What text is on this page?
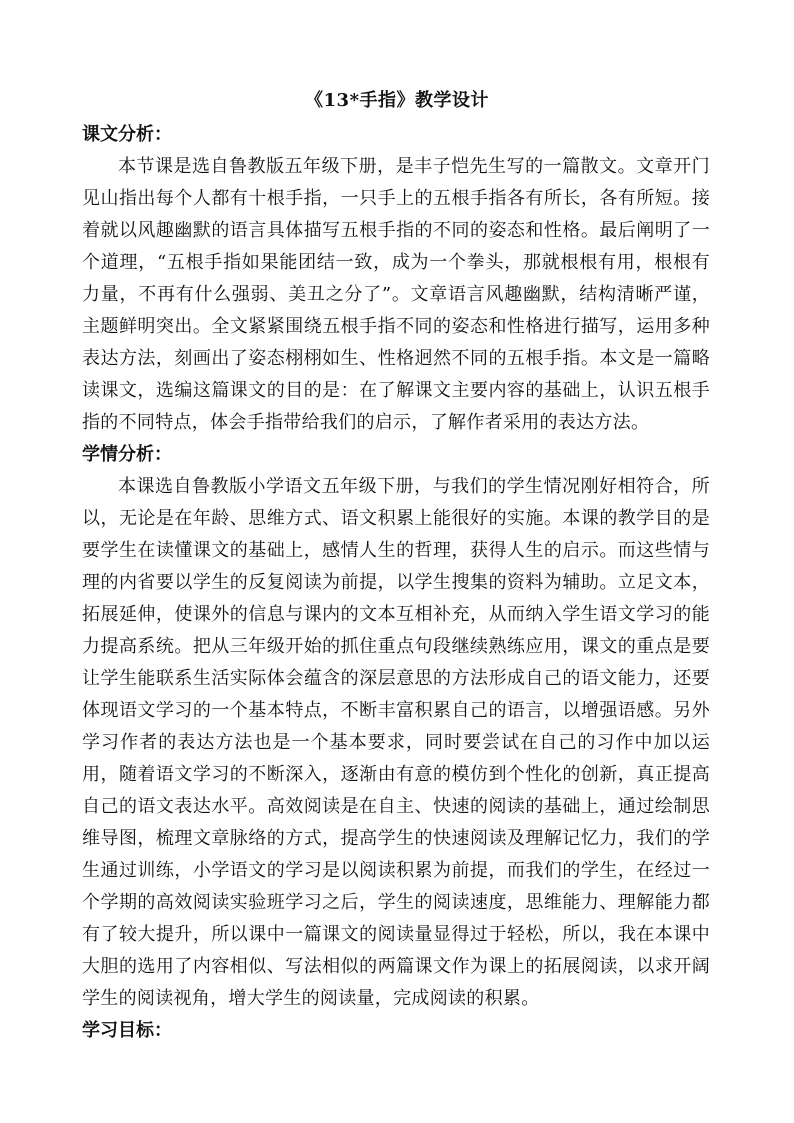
《13*手指》教学设计

课文分析：

本节课是选自鲁教版五年级下册，是丰子恺先生写的一篇散文。文章开门见山指出每个人都有十根手指，一只手上的五根手指各有所长，各有所短。接着就以风趣幽默的语言具体描写五根手指的不同的姿态和性格。最后阐明了一个道理，“五根手指如果能团结一致，成为一个拳头，那就根根有用，根根有力量，不再有什么强弱、美丑之分了”。文章语言风趣幽默，结构清晰严谨，主题鲜明突出。全文紧紧围绕五根手指不同的姿态和性格进行描写，运用多种表达方法，刻画出了姿态栩栩如生、性格迥然不同的五根手指。本文是一篇略读课文，选编这篇课文的目的是：在了解课文主要内容的基础上，认识五根手指的不同特点，体会手指带给我们的启示，了解作者采用的表达方法。

学情分析：

本课选自鲁教版小学语文五年级下册，与我们的学生情况刚好相符合，所以，无论是在年龄、思维方式、语文积累上能很好的实施。本课的教学目的是要学生在读懂课文的基础上，感情人生的哲理，获得人生的启示。而这些情与理的内省要以学生的反复阅读为前提，以学生搜集的资料为辅助。立足文本，拓展延伸，使课外的信息与课内的文本互相补充，从而纳入学生语文学习的能力提高系统。把从三年级开始的抓住重点句段继续熟练应用，课文的重点是要让学生能联系生活实际体会蕴含的深层意思的方法形成自己的语文能力，还要体现语文学习的一个基本特点，不断丰富积累自己的语言，以增强语感。另外学习作者的表达方法也是一个基本要求，同时要尝试在自己的习作中加以运用，随着语文学习的不断深入，逐渐由有意的模仿到个性化的创新，真正提高自己的语文表达水平。高效阅读是在自主、快速的阅读的基础上，通过绘制思维导图，梳理文章脉络的方式，提高学生的快速阅读及理解记忆力，我们的学生通过训练，小学语文的学习是以阅读积累为前提，而我们的学生，在经过一个学期的高效阅读实验班学习之后，学生的阅读速度，思维能力、理解能力都有了较大提升，所以课中一篇课文的阅读量显得过于轻松，所以，我在本课中大胆的选用了内容相似、写法相似的两篇课文作为课上的拓展阅读，以求开阔学生的阅读视角，增大学生的阅读量，完成阅读的积累。

学习目标：
